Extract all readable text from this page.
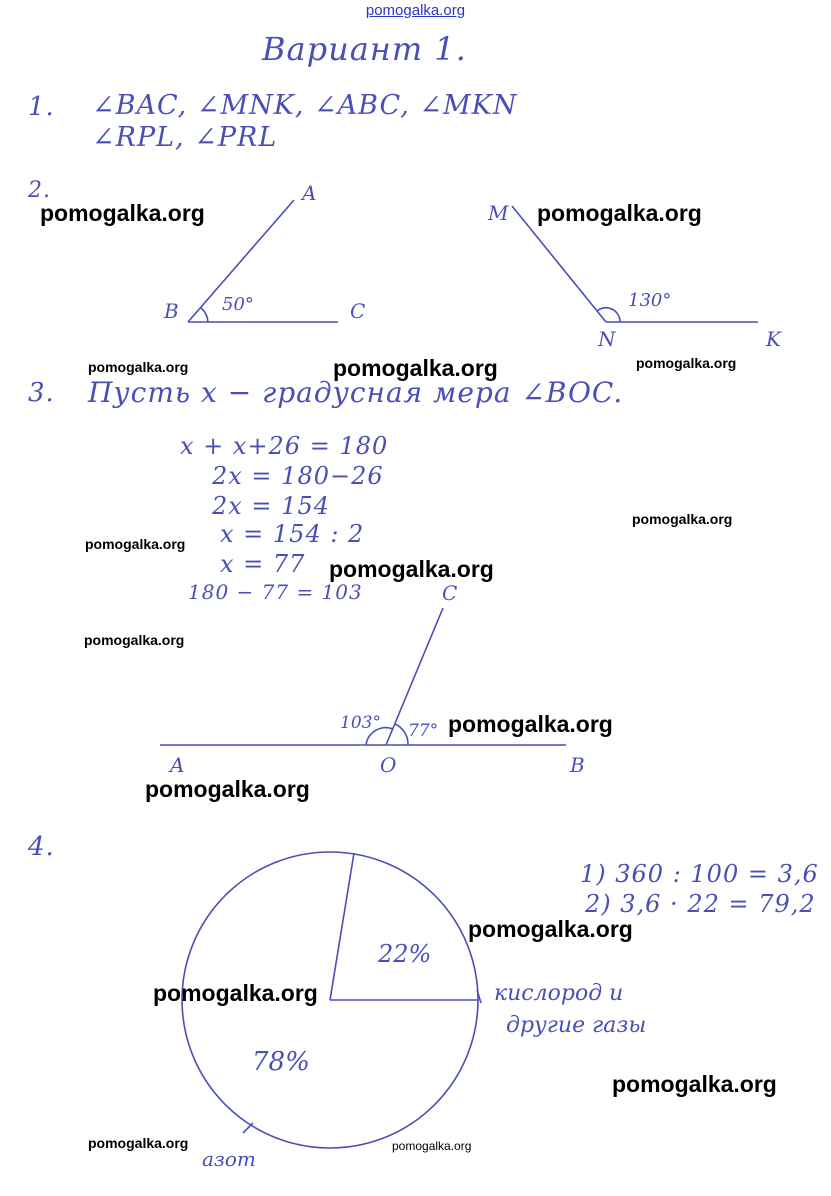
pomogalka.org
Вариант 1.
1. ∠BAC, ∠MNK, ∠ABC, ∠MKN
∠RPL, ∠PRL
2.
3. Пусть x − градусная мера ∠BOC.
x + x+26 = 180
2x = 180−26
2x = 154
x = 154 : 2
x = 77
180 − 77 = 103
4.
1) 360 : 100 = 3,6
2) 3,6 · 22 = 79,2
B
A
C
50°
N
M
K
130°
C
A	O	B
103° 77°
22%
78%
кислород и
другие газы
азот
pomogalka.org	pomogalka.org
pomogalka.org	pomogalka.org	pomogalka.org
pomogalka.org
pomogalka.org
pomogalka.org
pomogalka.org
pomogalka.org
pomogalka.org
pomogalka.org
pomogalka.org
pomogalka.org
pomogalka.org	pomogalka.org
